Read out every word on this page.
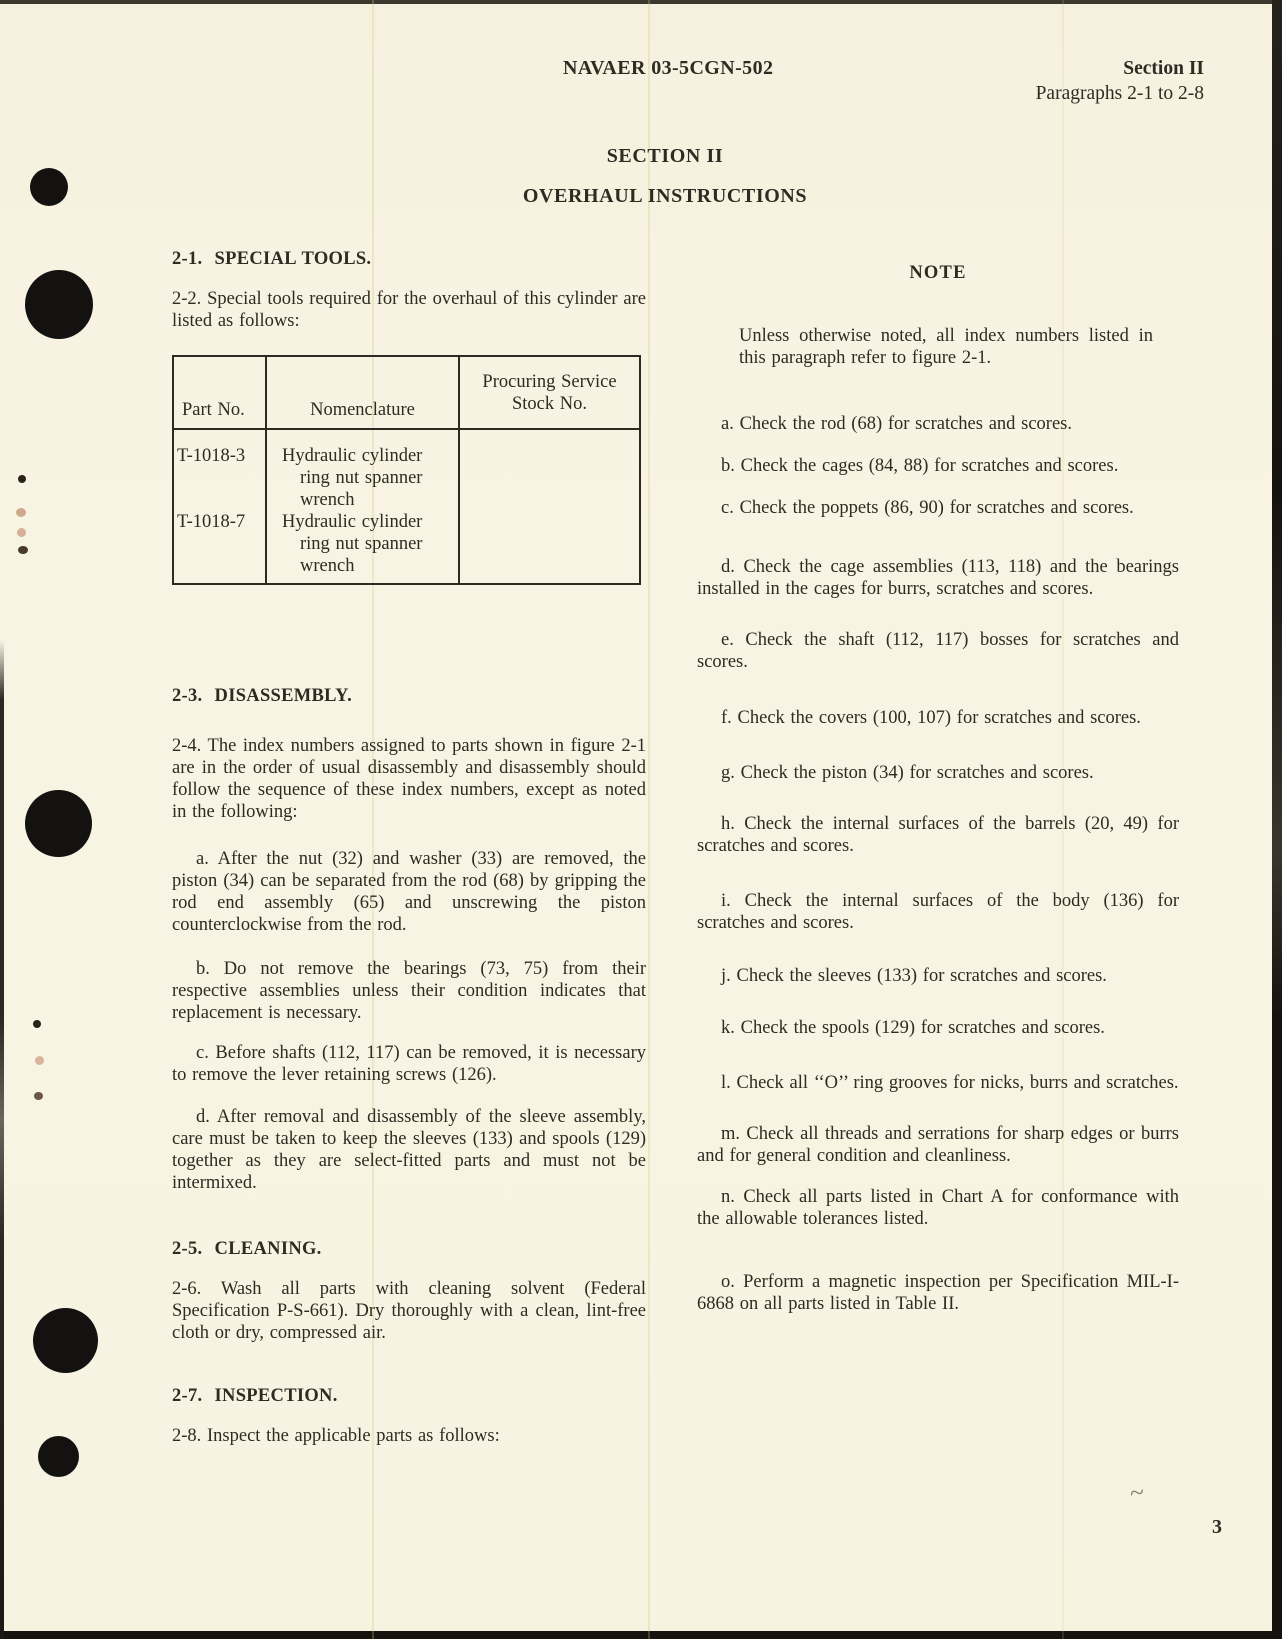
~
NAVAER 03-5CGN-502	Section II
Paragraphs 2-1 to 2-8
SECTION II
OVERHAUL INSTRUCTIONS
2-1.  SPECIAL TOOLS.
2-2. Special tools required for the overhaul of this cylinder are listed as follows:
Part No.	Nomenclature
Procuring Service Stock No.
T-1018-3
T-1018-7
Hydraulic cylinder ring nut spanner wrench
Hydraulic cylinder ring nut spanner wrench
2-3.  DISASSEMBLY.
2-4. The index numbers assigned to parts shown in figure 2-1 are in the order of usual disassembly and disassembly should follow the sequence of these index numbers, except as noted in the following:
a. After the nut (32) and washer (33) are removed, the piston (34) can be separated from the rod (68) by gripping the rod end assembly (65) and unscrewing the piston counterclockwise from the rod.
b. Do not remove the bearings (73, 75) from their respective assemblies unless their condition indicates that replacement is necessary.
c. Before shafts (112, 117) can be removed, it is necessary to remove the lever retaining screws (126).
d. After removal and disassembly of the sleeve assembly, care must be taken to keep the sleeves (133) and spools (129) together as they are select-fitted parts and must not be intermixed.
2-5.  CLEANING.
2-6. Wash all parts with cleaning solvent (Federal Specification P-S-661). Dry thoroughly with a clean, lint-free cloth or dry, compressed air.
2-7.  INSPECTION.
2-8. Inspect the applicable parts as follows:
NOTE
Unless otherwise noted, all index numbers listed in this paragraph refer to figure 2-1.
a. Check the rod (68) for scratches and scores.
b. Check the cages (84, 88) for scratches and scores.
c. Check the poppets (86, 90) for scratches and scores.
d. Check the cage assemblies (113, 118) and the bearings installed in the cages for burrs, scratches and scores.
e. Check the shaft (112, 117) bosses for scratches and scores.
f. Check the covers (100, 107) for scratches and scores.
g. Check the piston (34) for scratches and scores.
h. Check the internal surfaces of the barrels (20, 49) for scratches and scores.
i. Check the internal surfaces of the body (136) for scratches and scores.
j. Check the sleeves (133) for scratches and scores.
k. Check the spools (129) for scratches and scores.
l. Check all ‘‘O’’ ring grooves for nicks, burrs and scratches.
m. Check all threads and serrations for sharp edges or burrs and for general condition and cleanliness.
n. Check all parts listed in Chart A for conformance with the allowable tolerances listed.
o. Perform a magnetic inspection per Specification MIL-I-6868 on all parts listed in Table II.
3
